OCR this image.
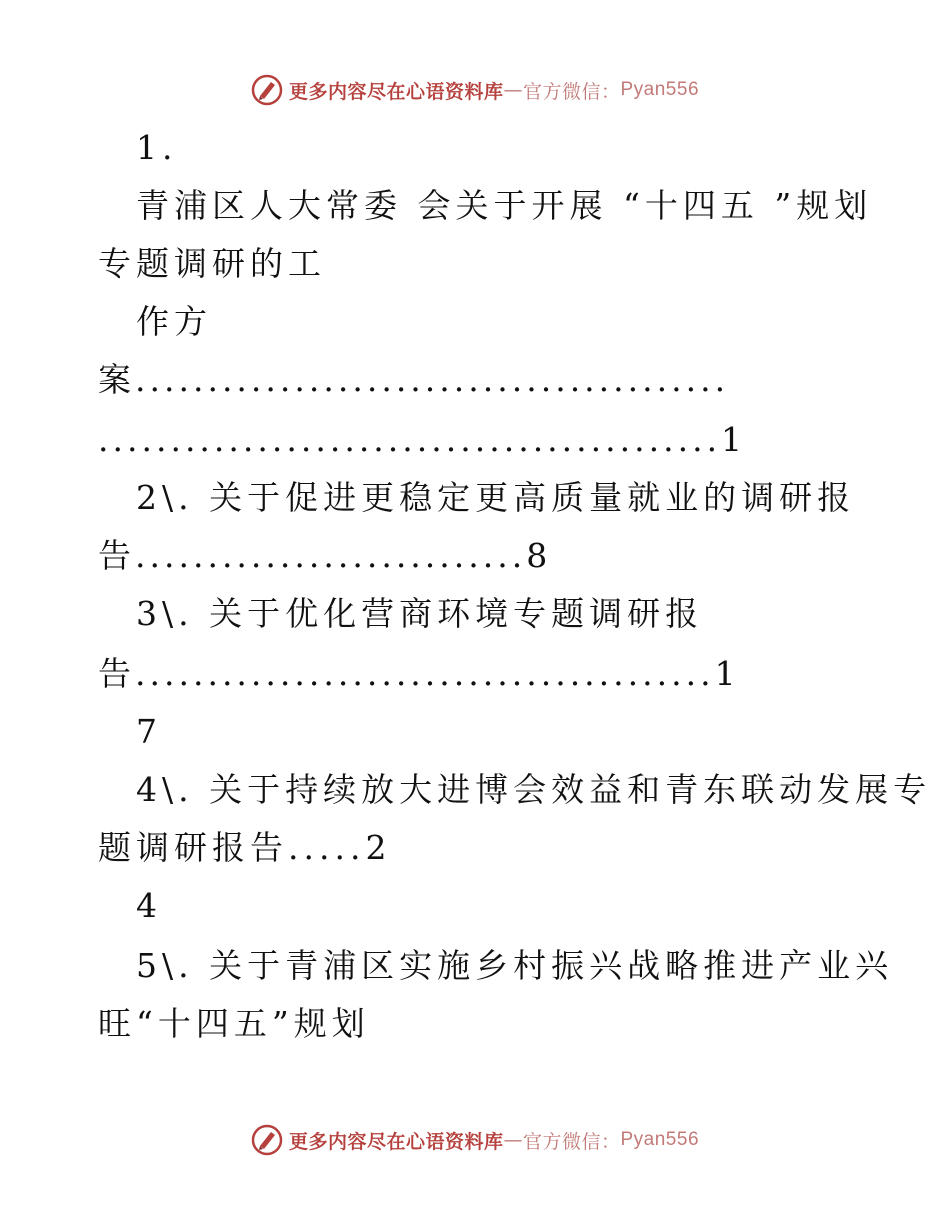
更多内容尽在心语资料库 — 官方微信： Pyan556
1.
青浦区人大常委 会关于开展 “十四五 ”规划
专题调研的工
作方
案.........................................
...........................................1
2\. 关于促进更稳定更高质量就业的调研报
告...........................8
3\. 关于优化营商环境专题调研报
告........................................1
7
4\. 关于持续放大进博会效益和青东联动发展专
题调研报告.....2
4
5\. 关于青浦区实施乡村振兴战略推进产业兴
旺“十四五”规划
更多内容尽在心语资料库 — 官方微信： Pyan556
